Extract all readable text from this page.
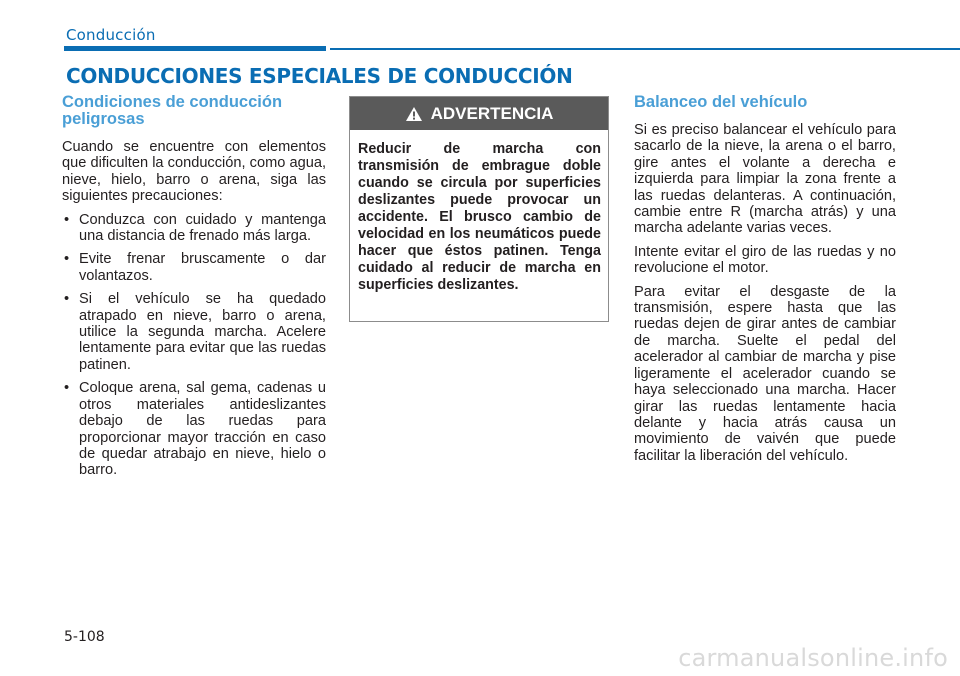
Conducción
CONDUCCIONES ESPECIALES DE CONDUCCIÓN
Condiciones de conducción peligrosas

Cuando se encuentre con elementos que dificulten la conducción, como agua, nieve, hielo, barro o arena, siga las siguientes precauciones:

• Conduzca con cuidado y mantenga una distancia de frenado más larga.
• Evite frenar bruscamente o dar volantazos.
• Si el vehículo se ha quedado atrapado en nieve, barro o arena, utilice la segunda marcha. Acelere lentamente para evitar que las ruedas patinen.
• Coloque arena, sal gema, cadenas u otros materiales antideslizantes debajo de las ruedas para proporcionar mayor tracción en caso de quedar atrabajo en nieve, hielo o barro.
ADVERTENCIA
Reducir de marcha con transmisión de embrague doble cuando se circula por superficies deslizantes puede provocar un accidente. El brusco cambio de velocidad en los neumáticos puede hacer que éstos patinen. Tenga cuidado al reducir de marcha en superficies deslizantes.
Balanceo del vehículo

Si es preciso balancear el vehículo para sacarlo de la nieve, la arena o el barro, gire antes el volante a derecha e izquierda para limpiar la zona frente a las ruedas delanteras. A continuación, cambie entre R (marcha atrás) y una marcha adelante varias veces.

Intente evitar el giro de las ruedas y no revolucione el motor.

Para evitar el desgaste de la transmisión, espere hasta que las ruedas dejen de girar antes de cambiar de marcha. Suelte el pedal del acelerador al cambiar de marcha y pise ligeramente el acelerador cuando se haya seleccionado una marcha. Hacer girar las ruedas lentamente hacia delante y hacia atrás causa un movimiento de vaivén que puede facilitar la liberación del vehículo.

5-108
carmanualsonline.info
